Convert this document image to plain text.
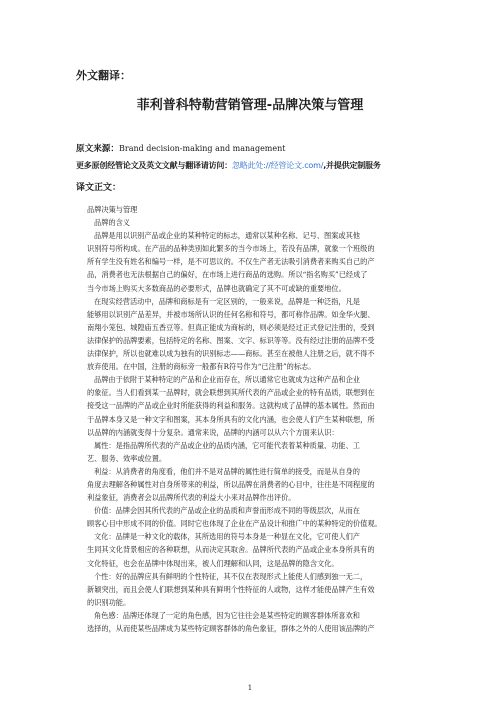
外文翻译：
菲利普科特勒营销管理-品牌决策与管理
原文来源：Brand decision-making and management
更多原创经管论文及英文文献与翻译请访问：忽略此处://经管论文.com/,并提供定制服务
译文正文：
品牌决策与管理
品牌的含义
品牌是用以识别产品或企业的某种特定的标志，通常以某种名称、记号、图案或其他
识别符号所构成。在产品的品种类别如此繁多的当今市场上，若没有品牌，就象一个班级的
所有学生没有姓名和编号一样，是不可思议的。不仅生产者无法吸引消费者来购买自己的产
品，消费者也无法根据自己的偏好，在市场上进行商品的选购。所以“指名购买”已经成了
当今市场上购买大多数商品的必要形式，品牌也就确定了其不可或缺的重要地位。
在现实经营活动中，品牌和商标是有一定区别的，一般来说，品牌是一种泛指，凡是
能够用以识别产品差异，并被市场所认识的任何名称和符号，都可称作品牌。如金华火腿、
南翔小笼包、城隍庙五香豆等。但真正能成为商标的，则必须是经过正式登记注册的，受到
法律保护的品牌要素，包括特定的名称、图案、文字、标识等等。没有经过注册的品牌不受
法律保护，所以也就难以成为独有的识别标志——商标。甚至在被他人注册之后，就不得不
放弃使用。在中国，注册的商标旁一般都有R符号作为“已注册”的标志。
品牌由于依附于某种特定的产品和企业而存在，所以通常它也就成为这种产品和企业
的象征。当人们看到某一品牌时，就会联想到其所代表的产品或企业的特有品质，联想到在
接受这一品牌的产品或企业时所能获得的利益和服务。这就构成了品牌的基本属性。然而由
于品牌本身又是一种文字和图案，其本身所具有的文化内涵，也会使人们产生某种联想，所
以品牌的内涵就变得十分复杂。通常来说，品牌的内涵可以从六个方面来认识：
属性：是指品牌所代表的产品或企业的品质内涵，它可能代表着某种质量、功能、工
艺、服务、效率或位置。
利益：从消费者的角度看，他们并不是对品牌的属性进行简单的接受，而是从自身的
角度去理解各种属性对自身所带来的利益，所以品牌在消费者的心目中，往往是不同程度的
利益象征，消费者会以品牌所代表的利益大小来对品牌作出评价。
价值：品牌会因其所代表的产品或企业的品质和声誉而形成不同的等级层次，从而在
顾客心目中形成不同的价值。同时它也体现了企业在产品设计和推广中的某种特定的价值观。
文化：品牌是一种文化的载体，其所选用的符号本身是一种显在文化，它可使人们产
生同其文化背景相应的各种联想，从而决定其取舍。品牌所代表的产品或企业本身所具有的
文化特征，也会在品牌中体现出来，被人们理解和认同，这是品牌的隐含文化。
个性：好的品牌应具有鲜明的个性特征，其不仅在表现形式上能使人们感到独一无二，
新颖突出，而且会使人们联想到某种具有鲜明个性特征的人或物，这样才能使品牌产生有效
的识别功能。
角色感：品牌还体现了一定的角色感，因为它往往会是某些特定的顾客群体所喜欢和
选择的，从而使某些品牌成为某些特定顾客群体的角色象征，群体之外的人使用该品牌的产
1
